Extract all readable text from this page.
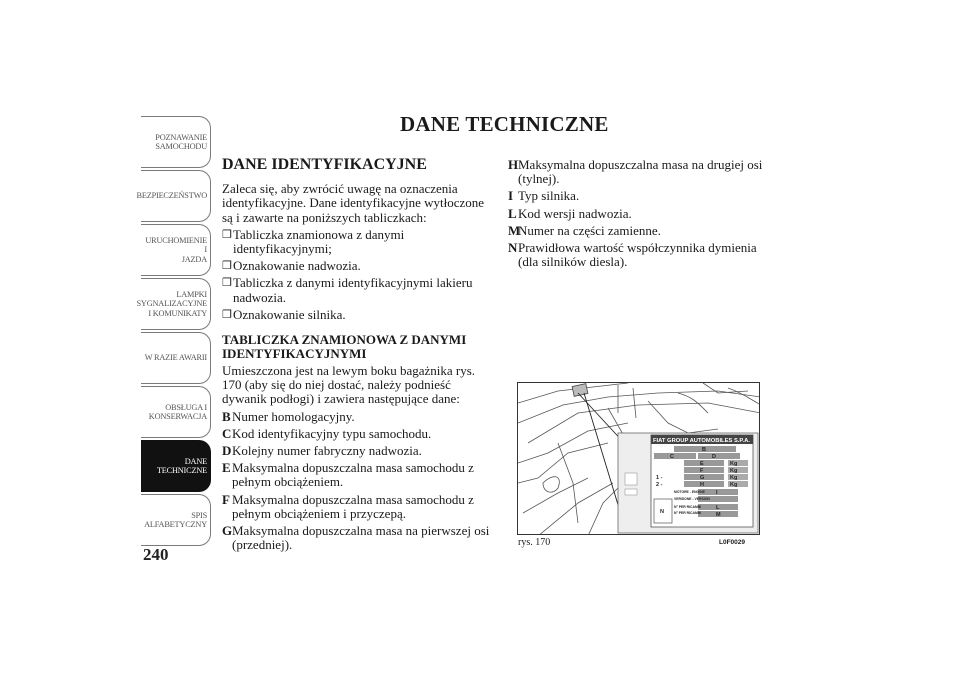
POZNAWANIE
SAMOCHODU
BEZPIECZEŃSTWO
URUCHOMIENIE I
JAZDA
LAMPKI
SYGNALIZACYJNE
I KOMUNIKATY
W RAZIE AWARII
OBSŁUGA I
KONSERWACJA
DANE
TECHNICZNE
SPIS
ALFABETYCZNY
240
DANE TECHNICZNE
DANE IDENTYFIKACYJNE

Zaleca się, aby zwrócić uwagę na oznaczenia identyfikacyjne. Dane identyfikacyjne wytłoczone są i zawarte na poniższych tabliczkach:

❒ Tabliczka znamionowa z danymi identyfikacyjnymi;
❒ Oznakowanie nadwozia.
❒ Tabliczka z danymi identyfikacyjnymi lakieru nadwozia.
❒ Oznakowanie silnika.
TABLICZKA ZNAMIONOWA Z DANYMI IDENTYFIKACYJNYMI

Umieszczona jest na lewym boku bagażnika rys. 170 (aby się do niej dostać, należy podnieść dywanik podłogi) i zawiera następujące dane:

B Numer homologacyjny.
C Kod identyfikacyjny typu samochodu.
D Kolejny numer fabryczny nadwozia.
E Maksymalna dopuszczalna masa samochodu z pełnym obciążeniem.
F Maksymalna dopuszczalna masa samochodu z pełnym obciążeniem i przyczepą.
G Maksymalna dopuszczalna masa na pierwszej osi (przedniej).
H Maksymalna dopuszczalna masa na drugiej osi (tylnej).
I Typ silnika.
L Kod wersji nadwozia.
M
Numer na części zamienne.
N Prawidłowa wartość współczynnika dymienia (dla silników diesla).
FIAT GROUP AUTOMOBILES S.P.A.
B
C	D
E
F
G
H
Kg
Kg
Kg
Kg
1 -
2 -
I
L
M
N
MOTORE - ENGINE
VERSIONE - VERSION
N° PER RICAMBI
N° PER RICAMBI
rys. 170	L0F0029
